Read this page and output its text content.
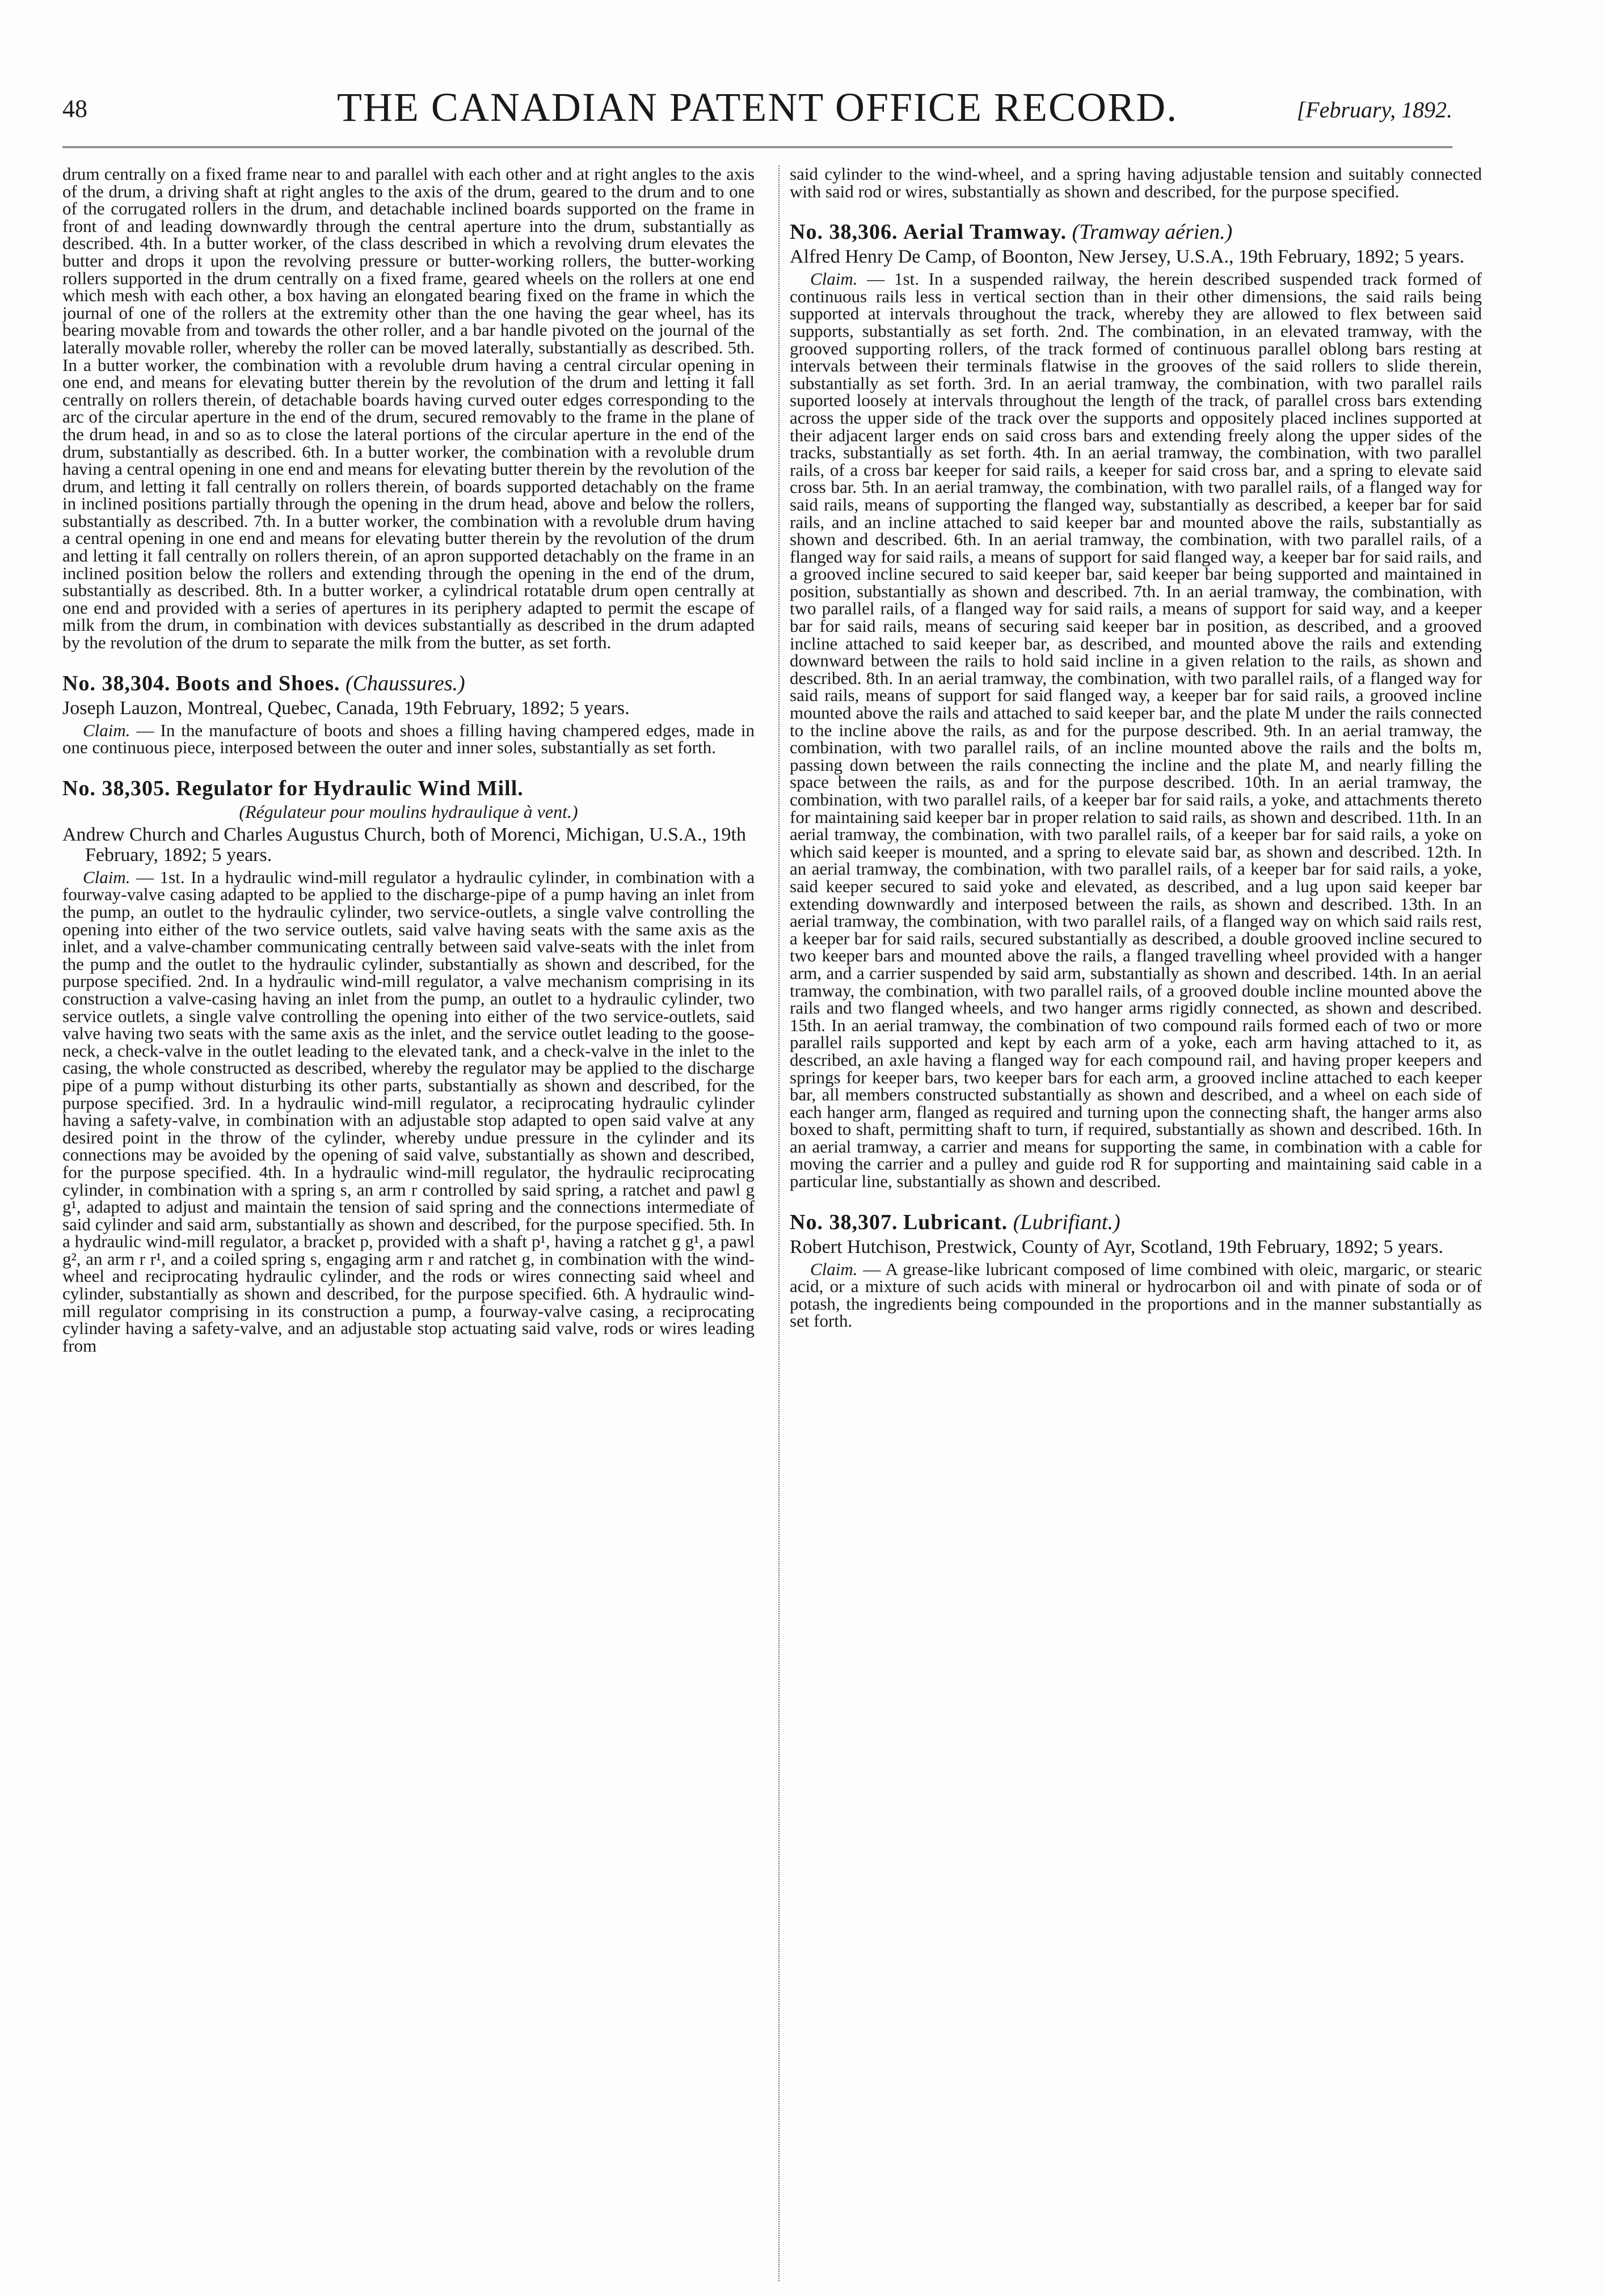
48	THE CANADIAN PATENT OFFICE RECORD.	[February, 1892.

drum centrally on a fixed frame near to and parallel with each other and at right angles to the axis of the drum, a driving shaft at right angles to the axis of the drum, geared to the drum and to one of the corrugated rollers in the drum, and detachable inclined boards supported on the frame in front of and leading downwardly through the central aperture into the drum, substantially as described. 4th. In a butter worker, of the class described in which a revolving drum elevates the butter and drops it upon the revolving pressure or butter-working rollers, the butter-working rollers supported in the drum centrally on a fixed frame, geared wheels on the rollers at one end which mesh with each other, a box having an elongated bearing fixed on the frame in which the journal of one of the rollers at the extremity other than the one having the gear wheel, has its bearing movable from and towards the other roller, and a bar handle pivoted on the journal of the laterally movable roller, whereby the roller can be moved laterally, substantially as described. 5th. In a butter worker, the combination with a revoluble drum having a central circular opening in one end, and means for elevating butter therein by the revolution of the drum and letting it fall centrally on rollers therein, of detachable boards having curved outer edges corresponding to the arc of the circular aperture in the end of the drum, secured removably to the frame in the plane of the drum head, in and so as to close the lateral portions of the circular aperture in the end of the drum, substantially as described. 6th. In a butter worker, the combination with a revoluble drum having a central opening in one end and means for elevating butter therein by the revolution of the drum, and letting it fall centrally on rollers therein, of boards supported detachably on the frame in inclined positions partially through the opening in the drum head, above and below the rollers, substantially as described. 7th. In a butter worker, the combination with a revoluble drum having a central opening in one end and means for elevating butter therein by the revolution of the drum and letting it fall centrally on rollers therein, of an apron supported detachably on the frame in an inclined position below the rollers and extending through the opening in the end of the drum, substantially as described. 8th. In a butter worker, a cylindrical rotatable drum open centrally at one end and provided with a series of apertures in its periphery adapted to permit the escape of milk from the drum, in combination with devices substantially as described in the drum adapted by the revolution of the drum to separate the milk from the butter, as set forth.

No. 38,304. Boots and Shoes. (Chaussures.)

Joseph Lauzon, Montreal, Quebec, Canada, 19th February, 1892; 5 years.

Claim. — In the manufacture of boots and shoes a filling having champered edges, made in one continuous piece, interposed between the outer and inner soles, substantially as set forth.

No. 38,305. Regulator for Hydraulic Wind Mill.

(Régulateur pour moulins hydraulique à vent.)

Andrew Church and Charles Augustus Church, both of Morenci, Michigan, U.S.A., 19th February, 1892; 5 years.

Claim. — 1st. In a hydraulic wind-mill regulator a hydraulic cylinder, in combination with a fourway-valve casing adapted to be applied to the discharge-pipe of a pump having an inlet from the pump, an outlet to the hydraulic cylinder, two service-outlets, a single valve controlling the opening into either of the two service outlets, said valve having seats with the same axis as the inlet, and a valve-chamber communicating centrally between said valve-seats with the inlet from the pump and the outlet to the hydraulic cylinder, substantially as shown and described, for the purpose specified. 2nd. In a hydraulic wind-mill regulator, a valve mechanism comprising in its construction a valve-casing having an inlet from the pump, an outlet to a hydraulic cylinder, two service outlets, a single valve controlling the opening into either of the two service-outlets, said valve having two seats with the same axis as the inlet, and the service outlet leading to the goose-neck, a check-valve in the outlet leading to the elevated tank, and a check-valve in the inlet to the casing, the whole constructed as described, whereby the regulator may be applied to the discharge pipe of a pump without disturbing its other parts, substantially as shown and described, for the purpose specified. 3rd. In a hydraulic wind-mill regulator, a reciprocating hydraulic cylinder having a safety-valve, in combination with an adjustable stop adapted to open said valve at any desired point in the throw of the cylinder, whereby undue pressure in the cylinder and its connections may be avoided by the opening of said valve, substantially as shown and described, for the purpose specified. 4th. In a hydraulic wind-mill regulator, the hydraulic reciprocating cylinder, in combination with a spring s, an arm r controlled by said spring, a ratchet and pawl g g¹, adapted to adjust and maintain the tension of said spring and the connections intermediate of said cylinder and said arm, substantially as shown and described, for the purpose specified. 5th. In a hydraulic wind-mill regulator, a bracket p, provided with a shaft p¹, having a ratchet g g¹, a pawl g², an arm r r¹, and a coiled spring s, engaging arm r and ratchet g, in combination with the wind-wheel and reciprocating hydraulic cylinder, and the rods or wires connecting said wheel and cylinder, substantially as shown and described, for the purpose specified. 6th. A hydraulic wind-mill regulator comprising in its construction a pump, a fourway-valve casing, a reciprocating cylinder having a safety-valve, and an adjustable stop actuating said valve, rods or wires leading from

said cylinder to the wind-wheel, and a spring having adjustable tension and suitably connected with said rod or wires, substantially as shown and described, for the purpose specified.

No. 38,306. Aerial Tramway. (Tramway aérien.)

Alfred Henry De Camp, of Boonton, New Jersey, U.S.A., 19th February, 1892; 5 years.

Claim. — 1st. In a suspended railway, the herein described suspended track formed of continuous rails less in vertical section than in their other dimensions, the said rails being supported at intervals throughout the track, whereby they are allowed to flex between said supports, substantially as set forth. 2nd. The combination, in an elevated tramway, with the grooved supporting rollers, of the track formed of continuous parallel oblong bars resting at intervals between their terminals flatwise in the grooves of the said rollers to slide therein, substantially as set forth. 3rd. In an aerial tramway, the combination, with two parallel rails suported loosely at intervals throughout the length of the track, of parallel cross bars extending across the upper side of the track over the supports and oppositely placed inclines supported at their adjacent larger ends on said cross bars and extending freely along the upper sides of the tracks, substantially as set forth. 4th. In an aerial tramway, the combination, with two parallel rails, of a cross bar keeper for said rails, a keeper for said cross bar, and a spring to elevate said cross bar. 5th. In an aerial tramway, the combination, with two parallel rails, of a flanged way for said rails, means of supporting the flanged way, substantially as described, a keeper bar for said rails, and an incline attached to said keeper bar and mounted above the rails, substantially as shown and described. 6th. In an aerial tramway, the combination, with two parallel rails, of a flanged way for said rails, a means of support for said flanged way, a keeper bar for said rails, and a grooved incline secured to said keeper bar, said keeper bar being supported and maintained in position, substantially as shown and described. 7th. In an aerial tramway, the combination, with two parallel rails, of a flanged way for said rails, a means of support for said way, and a keeper bar for said rails, means of securing said keeper bar in position, as described, and a grooved incline attached to said keeper bar, as described, and mounted above the rails and extending downward between the rails to hold said incline in a given relation to the rails, as shown and described. 8th. In an aerial tramway, the combination, with two parallel rails, of a flanged way for said rails, means of support for said flanged way, a keeper bar for said rails, a grooved incline mounted above the rails and attached to said keeper bar, and the plate M under the rails connected to the incline above the rails, as and for the purpose described. 9th. In an aerial tramway, the combination, with two parallel rails, of an incline mounted above the rails and the bolts m, passing down between the rails connecting the incline and the plate M, and nearly filling the space between the rails, as and for the purpose described. 10th. In an aerial tramway, the combination, with two parallel rails, of a keeper bar for said rails, a yoke, and attachments thereto for maintaining said keeper bar in proper relation to said rails, as shown and described. 11th. In an aerial tramway, the combination, with two parallel rails, of a keeper bar for said rails, a yoke on which said keeper is mounted, and a spring to elevate said bar, as shown and described. 12th. In an aerial tramway, the combination, with two parallel rails, of a keeper bar for said rails, a yoke, said keeper secured to said yoke and elevated, as described, and a lug upon said keeper bar extending downwardly and interposed between the rails, as shown and described. 13th. In an aerial tramway, the combination, with two parallel rails, of a flanged way on which said rails rest, a keeper bar for said rails, secured substantially as described, a double grooved incline secured to two keeper bars and mounted above the rails, a flanged travelling wheel provided with a hanger arm, and a carrier suspended by said arm, substantially as shown and described. 14th. In an aerial tramway, the combination, with two parallel rails, of a grooved double incline mounted above the rails and two flanged wheels, and two hanger arms rigidly connected, as shown and described. 15th. In an aerial tramway, the combination of two compound rails formed each of two or more parallel rails supported and kept by each arm of a yoke, each arm having attached to it, as described, an axle having a flanged way for each compound rail, and having proper keepers and springs for keeper bars, two keeper bars for each arm, a grooved incline attached to each keeper bar, all members constructed substantially as shown and described, and a wheel on each side of each hanger arm, flanged as required and turning upon the connecting shaft, the hanger arms also boxed to shaft, permitting shaft to turn, if required, substantially as shown and described. 16th. In an aerial tramway, a carrier and means for supporting the same, in combination with a cable for moving the carrier and a pulley and guide rod R for supporting and maintaining said cable in a particular line, substantially as shown and described.

No. 38,307. Lubricant. (Lubrifiant.)

Robert Hutchison, Prestwick, County of Ayr, Scotland, 19th February, 1892; 5 years.

Claim. — A grease-like lubricant composed of lime combined with oleic, margaric, or stearic acid, or a mixture of such acids with mineral or hydrocarbon oil and with pinate of soda or of potash, the ingredients being compounded in the proportions and in the manner substantially as set forth.
